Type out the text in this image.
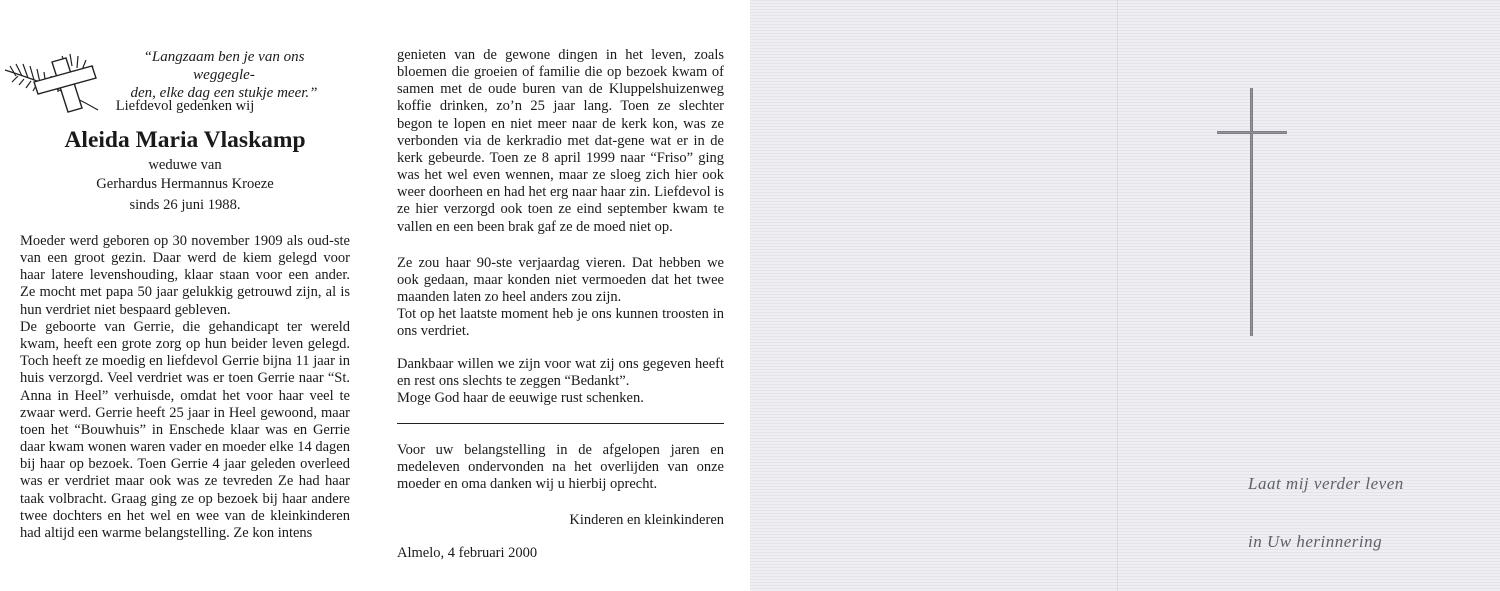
“Langzaam ben je van ons weggegle-
den, elke dag een stukje meer.”
Liefdevol gedenken wij
Aleida Maria Vlaskamp
weduwe van
Gerhardus Hermannus Kroeze
sinds 26 juni 1988.
Moeder werd geboren op 30 november 1909 als oud-ste van een groot gezin. Daar werd de kiem gelegd voor haar latere levenshouding, klaar staan voor een ander. Ze mocht met papa 50 jaar gelukkig getrouwd zijn, al is hun verdriet niet bespaard gebleven.
De geboorte van Gerrie, die gehandicapt ter wereld kwam, heeft een grote zorg op hun beider leven gelegd. Toch heeft ze moedig en liefdevol Gerrie bijna 11 jaar in huis verzorgd. Veel verdriet was er toen Gerrie naar “St. Anna in Heel” verhuisde, omdat het voor haar veel te zwaar werd. Gerrie heeft 25 jaar in Heel gewoond, maar toen het “Bouwhuis” in Enschede klaar was en Gerrie daar kwam wonen waren vader en moeder elke 14 dagen bij haar op bezoek. Toen Gerrie 4 jaar geleden overleed was er verdriet maar ook was ze tevreden Ze had haar taak volbracht. Graag ging ze op bezoek bij haar andere twee dochters en het wel en wee van de kleinkinderen had altijd een warme belangstelling. Ze kon intens
genieten van de gewone dingen in het leven, zoals bloemen die groeien of familie die op bezoek kwam of samen met de oude buren van de Kluppelshuizenweg koffie drinken, zo’n 25 jaar lang. Toen ze slechter begon te lopen en niet meer naar de kerk kon, was ze verbonden via de kerkradio met dat-gene wat er in de kerk gebeurde. Toen ze 8 april 1999 naar “Friso” ging was het wel even wennen, maar ze sloeg zich hier ook weer doorheen en had het erg naar haar zin. Liefdevol is ze hier verzorgd ook toen ze eind september kwam te vallen en een been brak gaf ze de moed niet op.
Ze zou haar 90-ste verjaardag vieren. Dat hebben we ook gedaan, maar konden niet vermoeden dat het twee maanden laten zo heel anders zou zijn.
Tot op het laatste moment heb je ons kunnen troosten in ons verdriet.
Dankbaar willen we zijn voor wat zij ons gegeven heeft en rest ons slechts te zeggen “Bedankt”.
Moge God haar de eeuwige rust schenken.
Voor uw belangstelling in de afgelopen jaren en medeleven ondervonden na het overlijden van onze moeder en oma danken wij u hierbij oprecht.
Kinderen en kleinkinderen
Almelo, 4 februari 2000
Laat mij verder leven
in Uw herinnering
